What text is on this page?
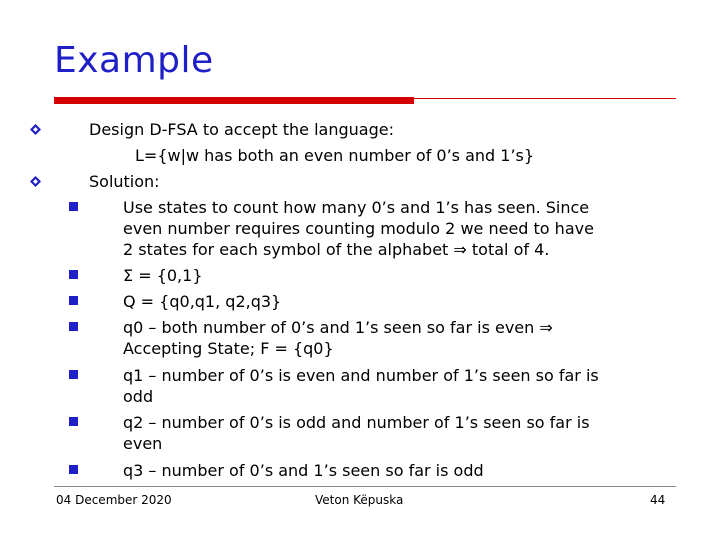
Example
Design D-FSA to accept the language:
L={w|w has both an even number of 0’s and 1’s}
Solution:
Use states to count how many 0’s and 1’s has seen. Since
even number requires counting modulo 2 we need to have
2 states for each symbol of the alphabet ⇒ total of 4.
Σ = {0,1}
Q = {q0,q1, q2,q3}
q0 – both number of 0’s and 1’s seen so far is even ⇒
Accepting State; F = {q0}
q1 – number of 0’s is even and number of 1’s seen so far is
odd
q2 – number of 0’s is odd and number of 1’s seen so far is
even
q3 – number of 0’s and 1’s seen so far is odd
04 December 2020	Veton Këpuska	44
